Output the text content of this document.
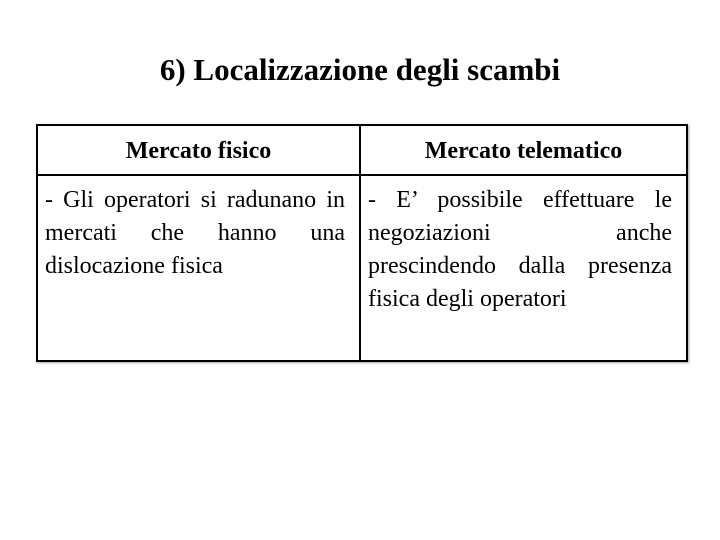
6) Localizzazione degli scambi
Mercato fisico	Mercato telematico
- Gli operatori si radunano in mercati che hanno una dislocazione fisica	- E’ possibile effettuare le negoziazioni anche prescindendo dalla presenza fisica degli operatori
